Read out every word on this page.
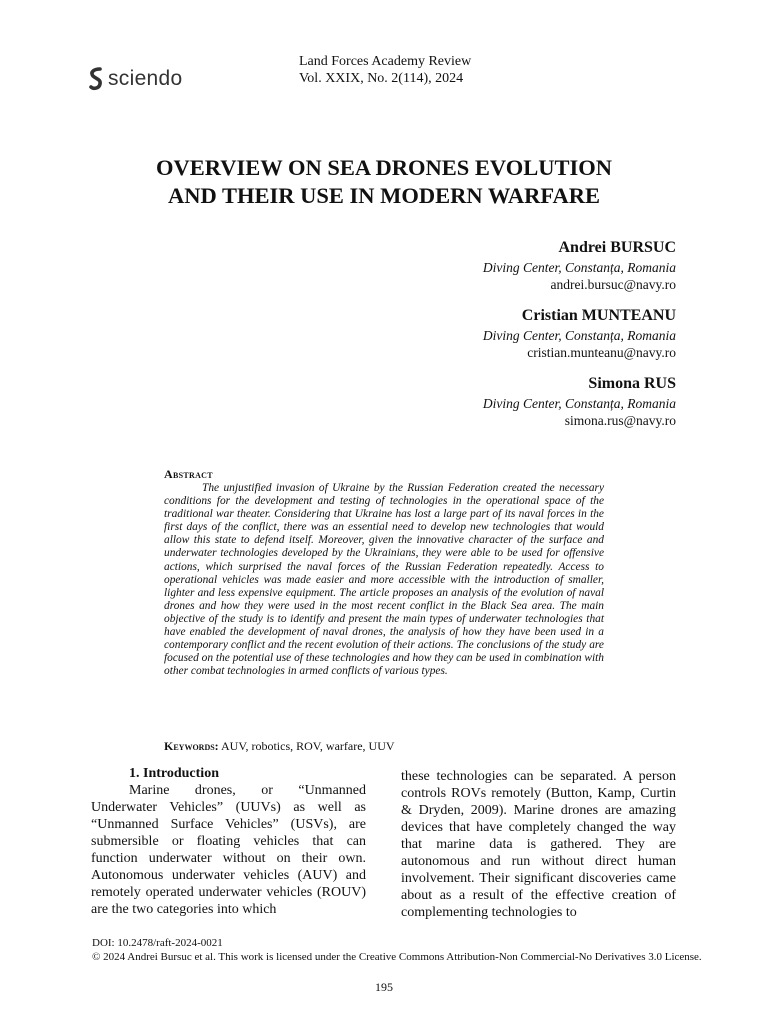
sciendo
Land Forces Academy Review
Vol. XXIX, No. 2(114), 2024
OVERVIEW ON SEA DRONES EVOLUTION
AND THEIR USE IN MODERN WARFARE
Andrei BURSUC
Diving Center, Constanța, Romania
andrei.bursuc@navy.ro
Cristian MUNTEANU
Diving Center, Constanța, Romania
cristian.munteanu@navy.ro
Simona RUS
Diving Center, Constanța, Romania
simona.rus@navy.ro
Abstract

The unjustified invasion of Ukraine by the Russian Federation created the necessary conditions for the development and testing of technologies in the operational space of the traditional war theater. Considering that Ukraine has lost a large part of its naval forces in the first days of the conflict, there was an essential need to develop new technologies that would allow this state to defend itself. Moreover, given the innovative character of the surface and underwater technologies developed by the Ukrainians, they were able to be used for offensive actions, which surprised the naval forces of the Russian Federation repeatedly. Access to operational vehicles was made easier and more accessible with the introduction of smaller, lighter and less expensive equipment. The article proposes an analysis of the evolution of naval drones and how they were used in the most recent conflict in the Black Sea area. The main objective of the study is to identify and present the main types of underwater technologies that have enabled the development of naval drones, the analysis of how they have been used in a contemporary conflict and the recent evolution of their actions. The conclusions of the study are focused on the potential use of these technologies and how they can be used in combination with other combat technologies in armed conflicts of various types.

Keywords: AUV, robotics, ROV, warfare, UUV
1. Introduction

Marine drones, or “Unmanned Underwater Vehicles” (UUVs) as well as “Unmanned Surface Vehicles” (USVs), are submersible or floating vehicles that can function underwater without on their own. Autonomous underwater vehicles (AUV) and remotely operated underwater vehicles (ROUV) are the two categories into which

these technologies can be separated. A person controls ROVs remotely (Button, Kamp, Curtin & Dryden, 2009). Marine drones are amazing devices that have completely changed the way that marine data is gathered. They are autonomous and run without direct human involvement. Their significant discoveries came about as a result of the effective creation of complementing technologies to

DOI: 10.2478/raft-2024-0021
© 2024 Andrei Bursuc et al. This work is licensed under the Creative Commons Attribution-Non Commercial-No Derivatives 3.0 License.
195
